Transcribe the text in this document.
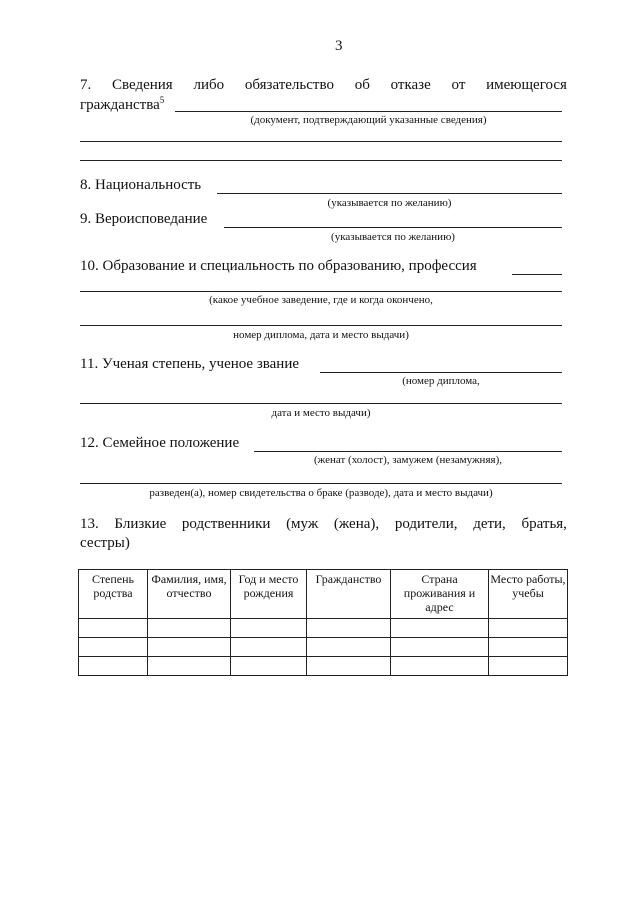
3
7. Сведения либо обязательство об отказе от имеющегося
гражданства$^5$
(документ, подтверждающий указанные сведения)
8. Национальность
(указывается по желанию)
9. Вероисповедание
(указывается по желанию)
10. Образование и специальность по образованию, профессия
(какое учебное заведение, где и когда окончено,
номер диплома, дата и место выдачи)
11. Ученая степень, ученое звание
(номер диплома,
дата и место выдачи)
12. Семейное положение
(женат (холост), замужем (незамужняя),
разведен(а), номер свидетельства о браке (разводе), дата и место выдачи)
13. Близкие родственники (муж (жена), родители, дети, братья,
сестры)
Степень родства	Фамилия, имя, отчество	Год и место рождения	Гражданство	Страна проживания и адрес	Место работы, учебы
